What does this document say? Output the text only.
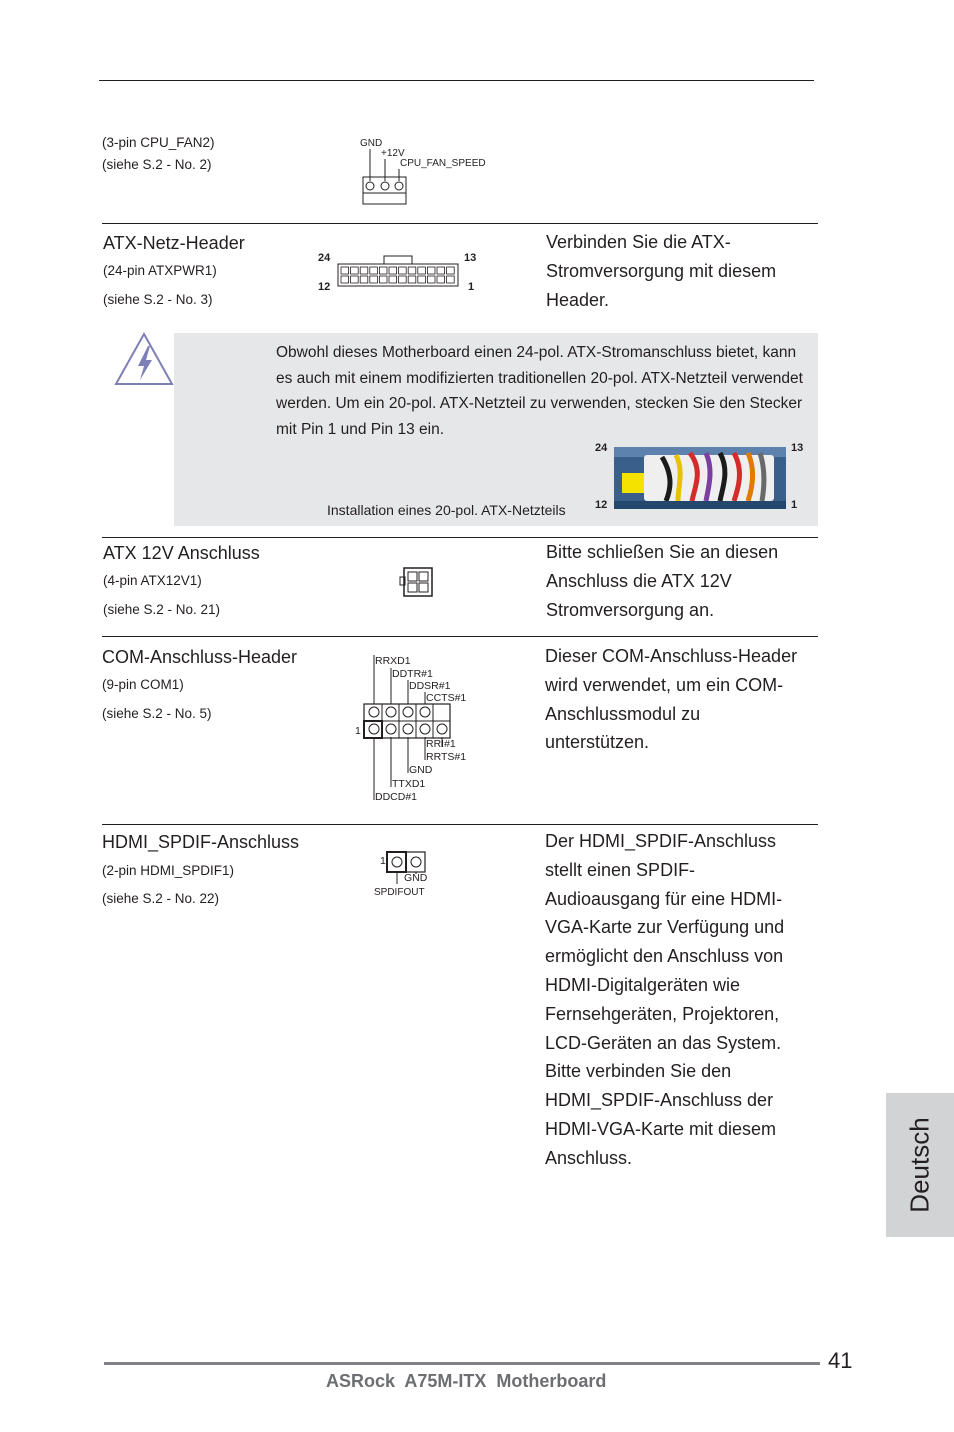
(3-pin CPU_FAN2)
(siehe S.2 - No. 2)
GND
+12V
CPU_FAN_SPEED
ATX-Netz-Header
(24-pin ATXPWR1)
(siehe S.2 - No. 3)
Verbinden Sie die ATX-Stromversorgung mit diesem Header.
24	13
12	1
Obwohl dieses Motherboard einen 24-pol. ATX-Stromanschluss bietet, kann es auch mit einem modifizierten traditionellen 20-pol. ATX-Netzteil verwendet werden. Um ein 20-pol. ATX-Netzteil zu verwenden, stecken Sie den Stecker mit Pin 1 und Pin 13 ein.
Installation eines 20-pol. ATX-Netzteils
24	13
12	1
ATX 12V Anschluss
(4-pin ATX12V1)
(siehe S.2 - No. 21)
Bitte schließen Sie an diesen Anschluss die ATX 12V Stromversorgung an.
COM-Anschluss-Header
(9-pin COM1)
(siehe S.2 - No. 5)
Dieser COM-Anschluss-Header wird verwendet, um ein COM-Anschlussmodul zu unterstützen.
RRXD1
DDTR#1
DDSR#1
CCTS#1
RRI#1
RRTS#1
GND
TTXD1
DDCD#1
1
HDMI_SPDIF-Anschluss
(2-pin HDMI_SPDIF1)
(siehe S.2 - No. 22)
Der HDMI_SPDIF-Anschluss stellt einen SPDIF-Audioausgang für eine HDMI-VGA-Karte zur Verfügung und ermöglicht den Anschluss von HDMI-Digitalgeräten wie Fernsehgeräten, Projektoren, LCD-Geräten an das System. Bitte verbinden Sie den HDMI_SPDIF-Anschluss der HDMI-VGA-Karte mit diesem Anschluss.
1
GND
SPDIFOUT
Deutsch
41
ASRock  A75M-ITX  Motherboard
